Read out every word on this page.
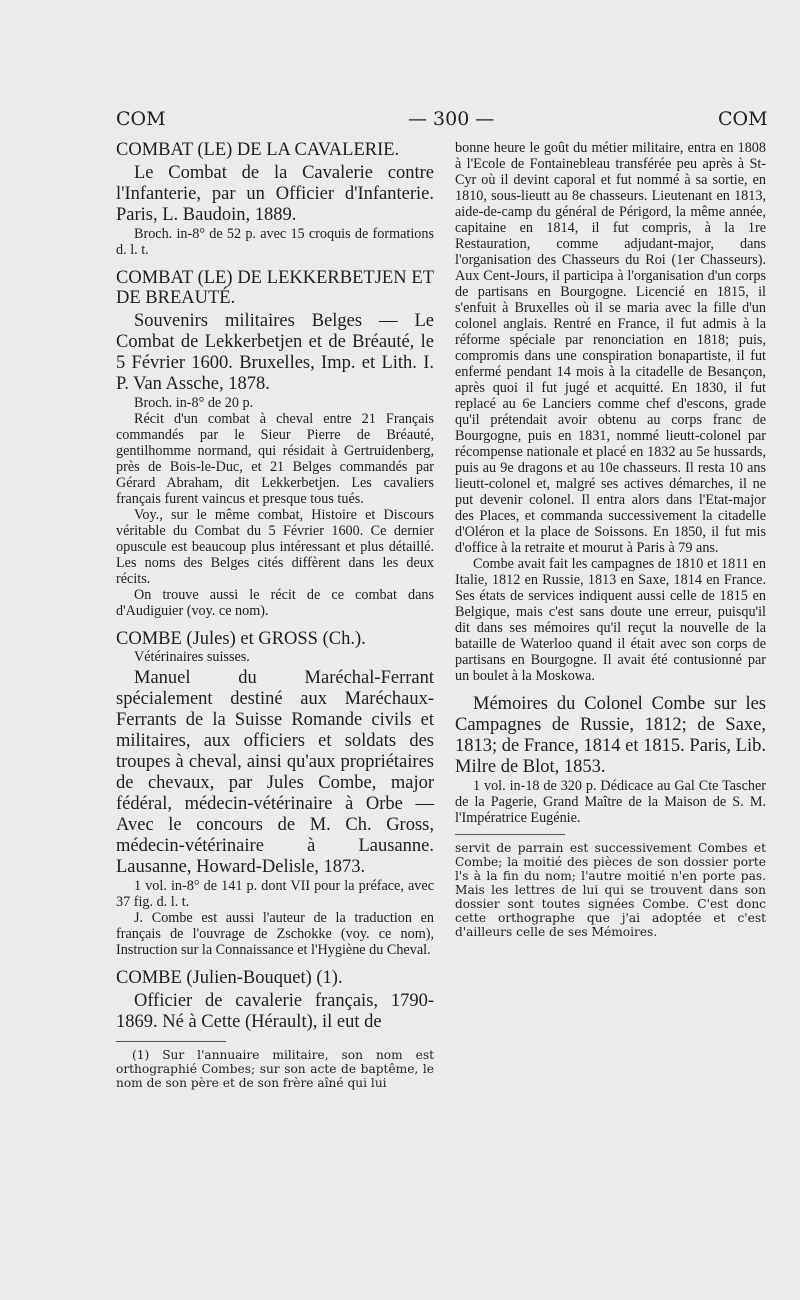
COM	— 300 —	COM

COMBAT (LE) DE LA CAVALERIE.

Le Combat de la Cavalerie contre l'Infanterie, par un Officier d'Infanterie. Paris, L. Baudoin, 1889.

Broch. in-8° de 52 p. avec 15 croquis de formations d. l. t.

COMBAT (LE) DE LEKKERBETJEN ET DE BREAUTÉ.

Souvenirs militaires Belges — Le Combat de Lekkerbetjen et de Bréauté, le 5 Février 1600. Bruxelles, Imp. et Lith. I. P. Van Assche, 1878.

Broch. in-8° de 20 p.

Récit d'un combat à cheval entre 21 Français commandés par le Sieur Pierre de Bréauté, gentilhomme normand, qui résidait à Gertruidenberg, près de Bois-le-Duc, et 21 Belges commandés par Gérard Abraham, dit Lekkerbetjen. Les cavaliers français furent vaincus et presque tous tués.

Voy., sur le même combat, Histoire et Discours véritable du Combat du 5 Février 1600. Ce dernier opuscule est beaucoup plus intéressant et plus détaillé. Les noms des Belges cités diffèrent dans les deux récits.

On trouve aussi le récit de ce combat dans d'Audiguier (voy. ce nom).

COMBE (Jules) et GROSS (Ch.).

Vétérinaires suisses.

Manuel du Maréchal-Ferrant spécialement destiné aux Maréchaux-Ferrants de la Suisse Romande civils et militaires, aux officiers et soldats des troupes à cheval, ainsi qu'aux propriétaires de chevaux, par Jules Combe, major fédéral, médecin-vétérinaire à Orbe — Avec le concours de M. Ch. Gross, médecin-vétérinaire à Lausanne. Lausanne, Howard-Delisle, 1873.

1 vol. in-8° de 141 p. dont VII pour la préface, avec 37 fig. d. l. t.

J. Combe est aussi l'auteur de la traduction en français de l'ouvrage de Zschokke (voy. ce nom), Instruction sur la Connaissance et l'Hygiène du Cheval.

COMBE (Julien-Bouquet) (1).

Officier de cavalerie français, 1790-1869. Né à Cette (Hérault), il eut de

(1) Sur l'annuaire militaire, son nom est orthographié Combes; sur son acte de baptême, le nom de son père et de son frère aîné qui lui

bonne heure le goût du métier militaire, entra en 1808 à l'Ecole de Fontainebleau transférée peu après à St-Cyr où il devint caporal et fut nommé à sa sortie, en 1810, sous-lieutt au 8e chasseurs. Lieutenant en 1813, aide-de-camp du général de Périgord, la même année, capitaine en 1814, il fut compris, à la 1re Restauration, comme adjudant-major, dans l'organisation des Chasseurs du Roi (1er Chasseurs). Aux Cent-Jours, il participa à l'organisation d'un corps de partisans en Bourgogne. Licencié en 1815, il s'enfuit à Bruxelles où il se maria avec la fille d'un colonel anglais. Rentré en France, il fut admis à la réforme spéciale par renonciation en 1818; puis, compromis dans une conspiration bonapartiste, il fut enfermé pendant 14 mois à la citadelle de Besançon, après quoi il fut jugé et acquitté. En 1830, il fut replacé au 6e Lanciers comme chef d'escons, grade qu'il prétendait avoir obtenu au corps franc de Bourgogne, puis en 1831, nommé lieutt-colonel par récompense nationale et placé en 1832 au 5e hussards, puis au 9e dragons et au 10e chasseurs. Il resta 10 ans lieutt-colonel et, malgré ses actives démarches, il ne put devenir colonel. Il entra alors dans l'Etat-major des Places, et commanda successivement la citadelle d'Oléron et la place de Soissons. En 1850, il fut mis d'office à la retraite et mourut à Paris à 79 ans.

Combe avait fait les campagnes de 1810 et 1811 en Italie, 1812 en Russie, 1813 en Saxe, 1814 en France. Ses états de services indiquent aussi celle de 1815 en Belgique, mais c'est sans doute une erreur, puisqu'il dit dans ses mémoires qu'il reçut la nouvelle de la bataille de Waterloo quand il était avec son corps de partisans en Bourgogne. Il avait été contusionné par un boulet à la Moskowa.

Mémoires du Colonel Combe sur les Campagnes de Russie, 1812; de Saxe, 1813; de France, 1814 et 1815. Paris, Lib. Milre de Blot, 1853.

1 vol. in-18 de 320 p. Dédicace au Gal Cte Tascher de la Pagerie, Grand Maître de la Maison de S. M. l'Impératrice Eugénie.

servit de parrain est successivement Combes et Combe; la moitié des pièces de son dossier porte l's à la fin du nom; l'autre moitié n'en porte pas. Mais les lettres de lui qui se trouvent dans son dossier sont toutes signées Combe. C'est donc cette orthographe que j'ai adoptée et c'est d'ailleurs celle de ses Mémoires.
